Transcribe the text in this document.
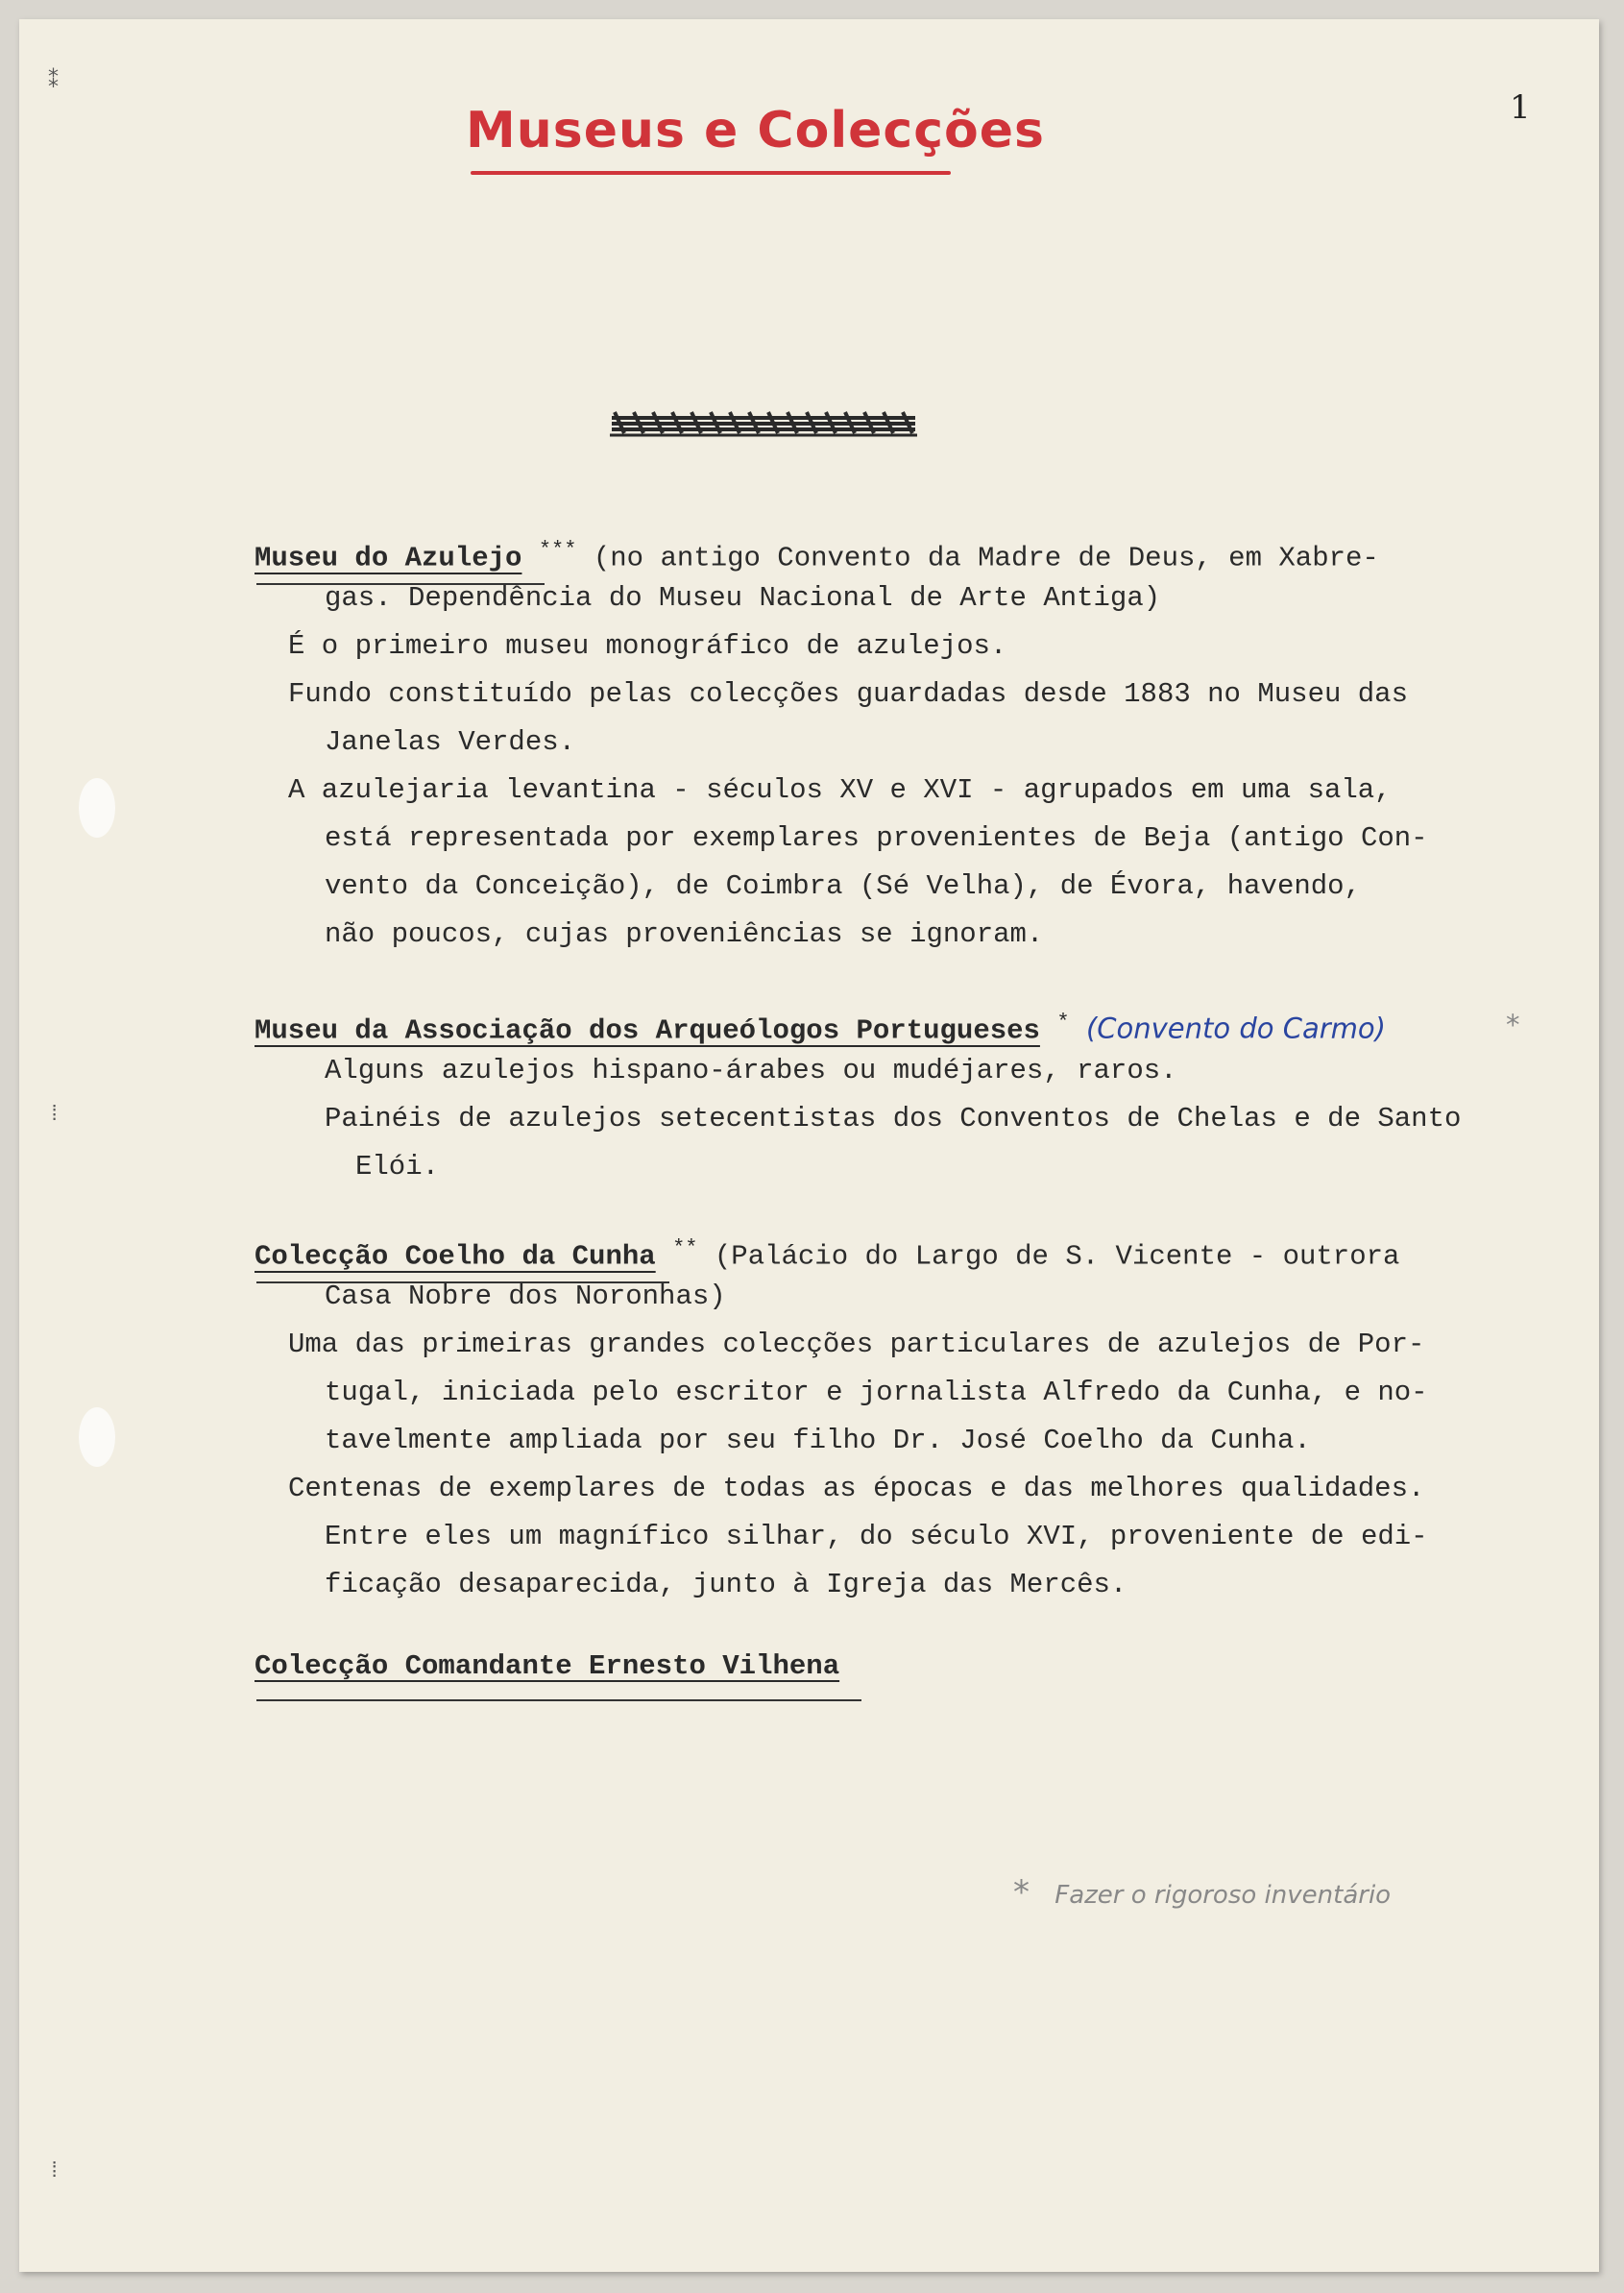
⁑
⁞
⁞
1
Museus e Colecções
Museu do Azulejo *** (no antigo Convento da Madre de Deus, em Xabre-
gas. Dependência do Museu Nacional de Arte Antiga)
É o primeiro museu monográfico de azulejos.
Fundo constituído pelas colecções guardadas desde 1883 no Museu das
Janelas Verdes.
A azulejaria levantina - séculos XV e XVI - agrupados em uma sala,
está representada por exemplares provenientes de Beja (antigo Con-
vento da Conceição), de Coimbra (Sé Velha), de Évora, havendo,
não poucos, cujas proveniências se ignoram.
Museu da Associação dos Arqueólogos Portugueses * (Convento do Carmo)	*
Alguns azulejos hispano-árabes ou mudéjares, raros.
Painéis de azulejos setecentistas dos Conventos de Chelas e de Santo
Elói.
Colecção Coelho da Cunha ** (Palácio do Largo de S. Vicente - outrora
Casa Nobre dos Noronhas)
Uma das primeiras grandes colecções particulares de azulejos de Por-
tugal, iniciada pelo escritor e jornalista Alfredo da Cunha, e no-
tavelmente ampliada por seu filho Dr. José Coelho da Cunha.
Centenas de exemplares de todas as épocas e das melhores qualidades.
Entre eles um magnífico silhar, do século XVI, proveniente de edi-
ficação desaparecida, junto à Igreja das Mercês.
Colecção Comandante Ernesto Vilhena
* Fazer o rigoroso inventário
